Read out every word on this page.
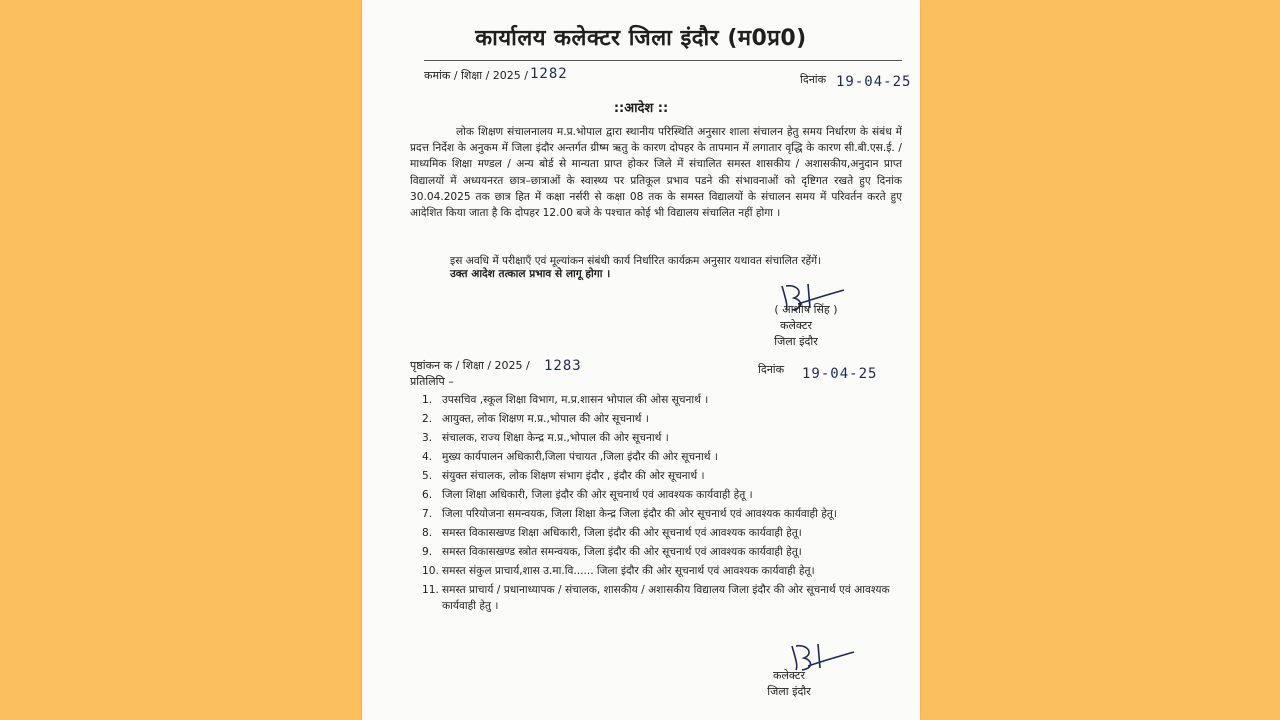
कार्यालय कलेक्टर जिला इंदौर (म0प्र0)
कमांक / शिक्षा / 2025 / 1282	दिनांक 19-04-25
::आदेश ::
लोक शिक्षण संचालनालय म.प्र.भोपाल द्वारा स्थानीय परिस्थिति अनुसार शाला संचालन हेतु समय निर्धारण के संबंध में प्रदत्त निर्देश के अनुकम में जिला इंदौर अन्तर्गत ग्रीष्म ऋतु के कारण दोपहर के तापमान में लगातार वृद्धि के कारण सी.बी.एस.ई. / माध्यमिक शिक्षा मण्डल / अन्य बोर्ड से मान्यता प्राप्त होकर जिले में संचालित समस्त शासकीय / अशासकीय,अनुदान प्राप्त विद्यालयों में अध्ययनरत छात्र–छात्राओं के स्वास्थ्य पर प्रतिकूल प्रभाव पडने की संभावनाओं को दृष्टिगत रखते हुए दिनांक 30.04.2025 तक छात्र हित में कक्षा नर्सरी से कक्षा 08 तक के समस्त विद्यालयों के संचालन समय में परिवर्तन करते हुए आदेशित किया जाता है कि दोपहर 12.00 बजे के पश्चात कोई भी विद्यालय संचालित नहीं होगा ।
इस अवधि में परीक्षाएँ एवं मूल्यांकन संबंधी कार्य निर्धारित कार्यक्रम अनुसार यथावत संचालित रहेंगें।
उक्त आदेश तत्काल प्रभाव से लागू होगा ।
( आशीष सिंह )
कलेक्टर
जिला इंदौर
पृष्ठांकन क / शिक्षा / 2025 / 1283	दिनांक 19-04-25
प्रतिलिपि –
1. उपसचिव ,स्कूल शिक्षा विभाग, म.प्र.शासन भोपाल की ओस सूचनार्थ ।
2. आयुक्त, लोक शिक्षण म.प्र.,भोपाल की ओर सूचनार्थ ।
3. संचालक, राज्य शिक्षा केन्द्र म.प्र.,भोपाल की ओर सूचनार्थ ।
4. मुख्य कार्यपालन अधिकारी,जिला पंचायत ,जिला इंदौर की ओर सूचनार्थ ।
5. संयुक्त संचालक, लोक शिक्षण संभाग इंदौर , इंदौर की ओर सूचनार्थ ।
6. जिला शिक्षा अधिकारी, जिला इंदौर की ओर सूचनार्थ एवं आवश्यक कार्यवाही हेतू ।
7. जिला परियोजना समन्वयक, जिला शिक्षा केन्द्र जिला इंदौर की ओर सूचनार्थ एवं आवश्यक कार्यवाही हेतू।
8. समस्त विकासखण्ड शिक्षा अधिकारी, जिला इंदौर की ओर सूचनार्थ एवं आवश्यक कार्यवाही हेतू।
9. समस्त विकासखण्ड स्त्रोत समन्वयक, जिला इंदौर की ओर सूचनार्थ एवं आवश्यक कार्यवाही हेतू।
10. समस्त संकुल प्राचार्य,शास उ.मा.वि...... जिला इंदौर की ओर सूचनार्थ एवं आवश्यक कार्यवाही हेतू।
11. समस्त प्राचार्य / प्रधानाध्यापक / संचालक, शासकीय / अशासकीय विद्यालय जिला इंदौर की ओर सूचनार्थ एवं आवश्यक कार्यवाही हेतु ।
कलेक्टर
जिला इंदौर
